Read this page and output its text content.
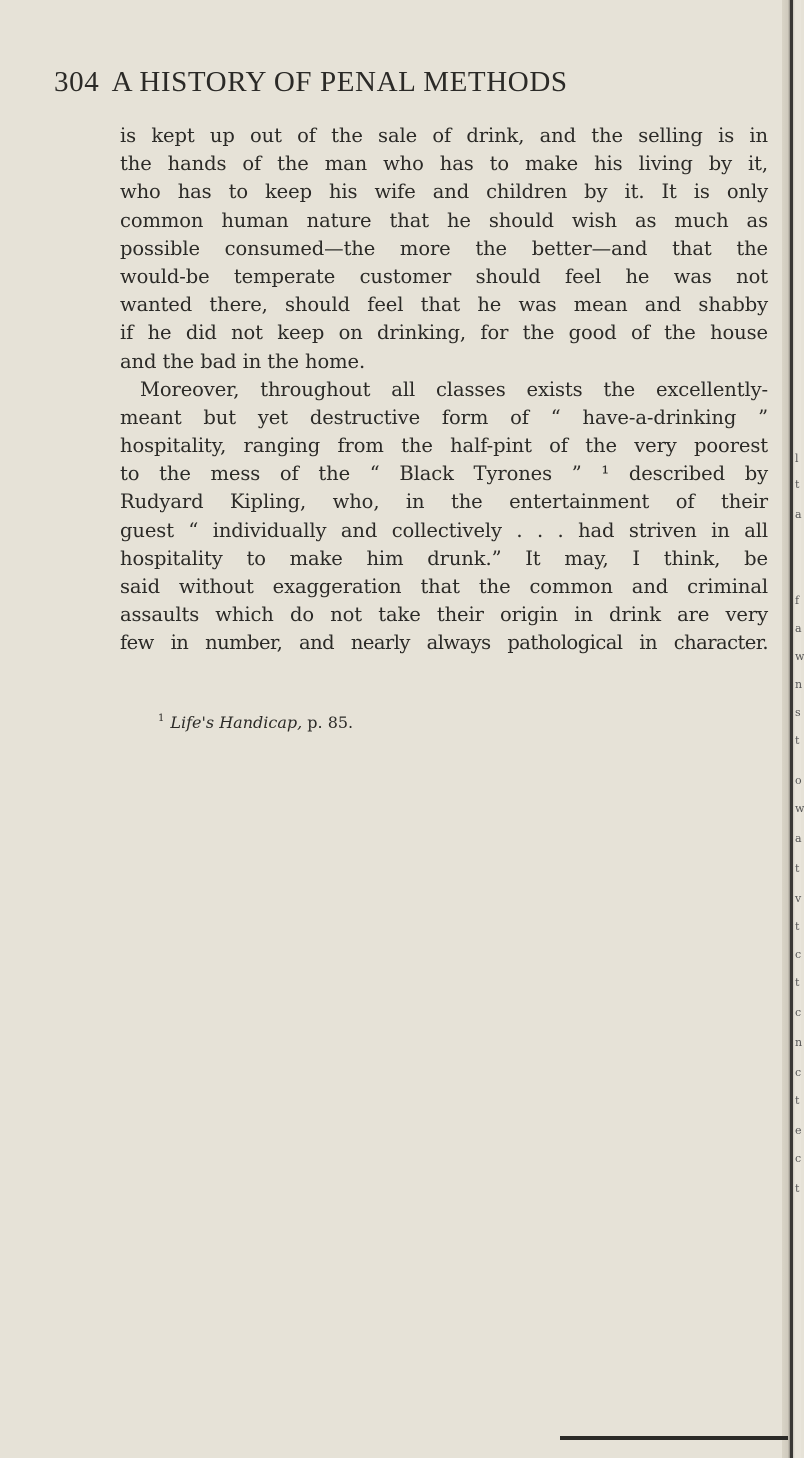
304 A HISTORY OF PENAL METHODS
is kept up out of the sale of drink, and the selling is in
the hands of the man who has to make his living by it,
who has to keep his wife and children by it. It is only
common human nature that he should wish as much as
possible consumed—the more the better—and that the
would-be temperate customer should feel he was not
wanted there, should feel that he was mean and shabby
if he did not keep on drinking, for the good of the house
and the bad in the home.
Moreover, throughout all classes exists the excellently-
meant but yet destructive form of “ have-a-drinking ”
hospitality, ranging from the half-pint of the very poorest
to the mess of the “ Black Tyrones ” ¹ described by
Rudyard Kipling, who, in the entertainment of their
guest “ individually and collectively . . . had striven in all
hospitality to make him drunk.” It may, I think, be
said without exaggeration that the common and criminal
assaults which do not take their origin in drink are very
few in number, and nearly always pathological in character.
$^1$ Life's Handicap, p. 85.
l
t
a
f
a
w
n
s
t
o
w
a
t
v
t
c
t
c
n
c
t
e
c
t
